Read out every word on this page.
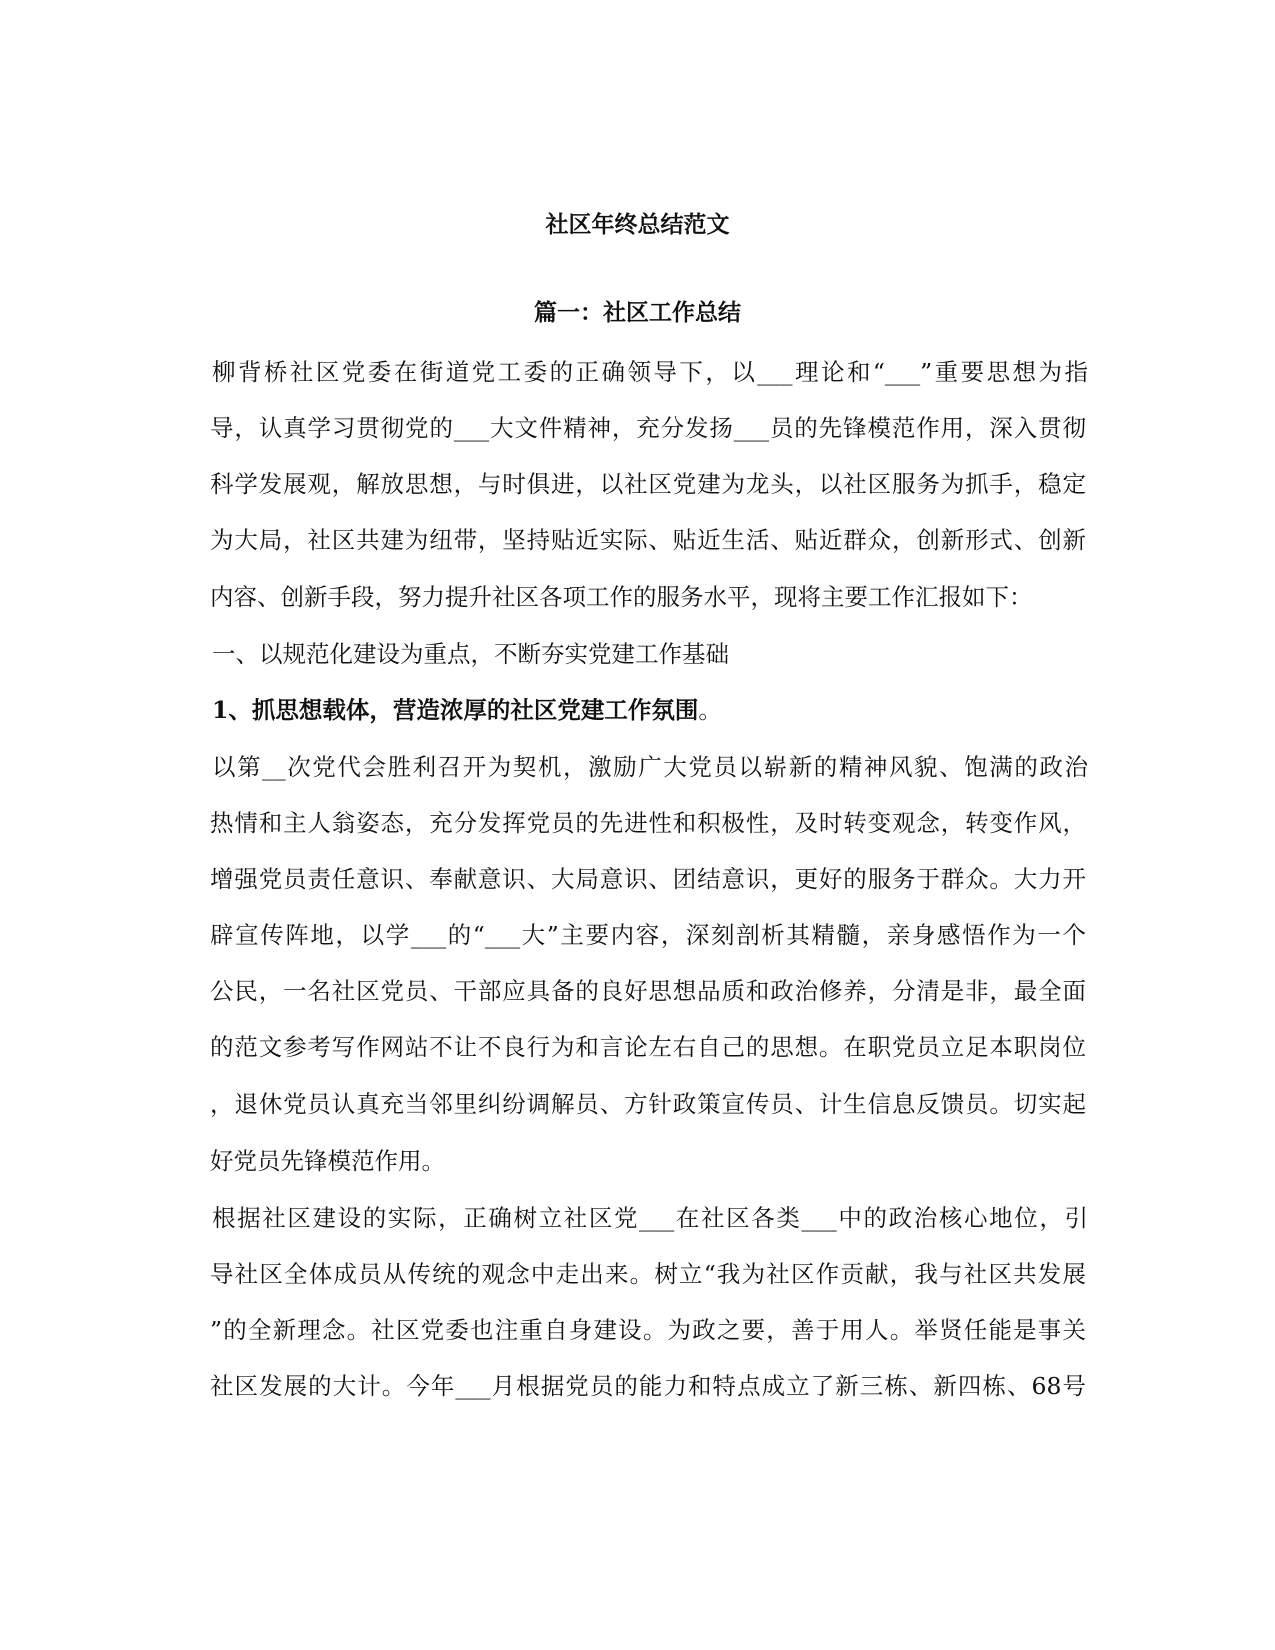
社区年终总结范文
篇一：社区工作总结
柳背桥社区党委在街道党工委的正确领导下，以___理论和“___”重要思想为指
导，认真学习贯彻党的___大文件精神，充分发扬___员的先锋模范作用，深入贯彻
科学发展观，解放思想，与时俱进，以社区党建为龙头，以社区服务为抓手，稳定
为大局，社区共建为纽带，坚持贴近实际、贴近生活、贴近群众，创新形式、创新
内容、创新手段，努力提升社区各项工作的服务水平，现将主要工作汇报如下：
一、以规范化建设为重点，不断夯实党建工作基础
1、抓思想载体，营造浓厚的社区党建工作氛围。
以第__次党代会胜利召开为契机，激励广大党员以崭新的精神风貌、饱满的政治
热情和主人翁姿态，充分发挥党员的先进性和积极性，及时转变观念，转变作风，
增强党员责任意识、奉献意识、大局意识、团结意识，更好的服务于群众。大力开
辟宣传阵地，以学___的“___大”主要内容，深刻剖析其精髓，亲身感悟作为一个
公民，一名社区党员、干部应具备的良好思想品质和政治修养，分清是非，最全面
的范文参考写作网站不让不良行为和言论左右自己的思想。在职党员立足本职岗位
，退休党员认真充当邻里纠纷调解员、方针政策宣传员、计生信息反馈员。切实起
好党员先锋模范作用。
根据社区建设的实际，正确树立社区党___在社区各类___中的政治核心地位，引
导社区全体成员从传统的观念中走出来。树立“我为社区作贡献，我与社区共发展
”的全新理念。社区党委也注重自身建设。为政之要，善于用人。举贤任能是事关
社区发展的大计。今年___月根据党员的能力和特点成立了新三栋、新四栋、68号
